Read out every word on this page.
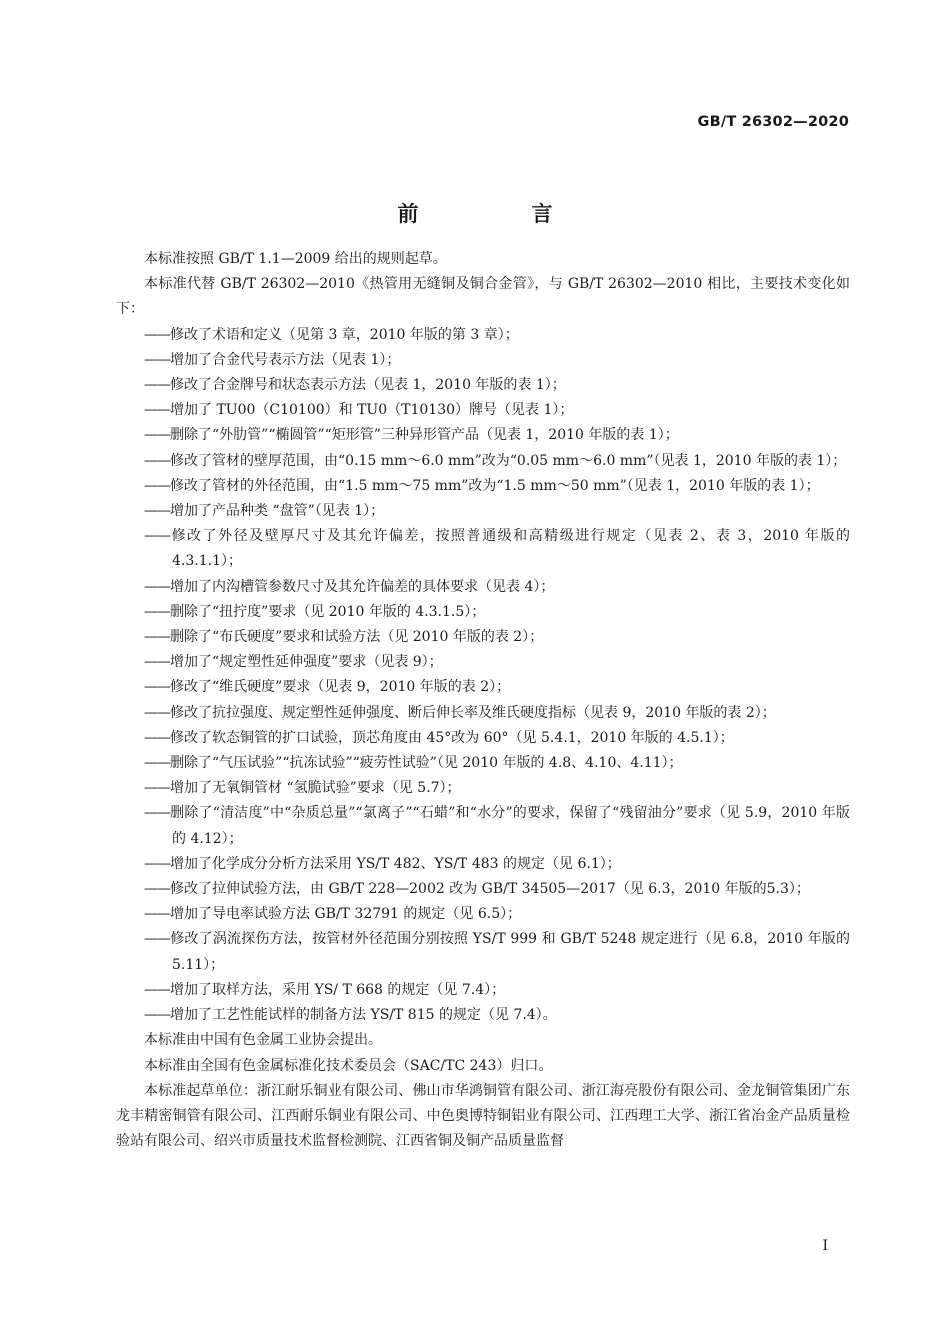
GB/T 26302—2020
前　言

本标准按照 GB/T 1.1—2009 给出的规则起草。

本标准代替 GB/T 26302—2010《热管用无缝铜及铜合金管》，与 GB/T 26302—2010 相比，主要技术变化如下：

—— 修改了术语和定义（见第 3 章，2010 年版的第 3 章）；
—— 增加了合金代号表示方法（见表 1）；
—— 修改了合金牌号和状态表示方法（见表 1，2010 年版的表 1）；
—— 增加了 TU00（C10100）和 TU0（T10130）牌号（见表 1）；
—— 删除了“外肋管”“椭圆管”“矩形管”三种异形管产品（见表 1，2010 年版的表 1）；
—— 修改了管材的壁厚范围，由“0.15 mm～6.0 mm”改为“0.05 mm～6.0 mm”（见表 1，2010 年版的表 1）；
—— 修改了管材的外径范围，由“1.5 mm～75 mm”改为“1.5 mm～50 mm”（见表 1，2010 年版的表 1）；
—— 增加了产品种类 “盘管”（见表 1）；
—— 修改了外径及壁厚尺寸及其允许偏差，按照普通级和高精级进行规定（见表 2、表 3，2010 年版的 4.3.1.1）；
—— 增加了内沟槽管参数尺寸及其允许偏差的具体要求（见表 4）；
—— 删除了“扭拧度”要求（见 2010 年版的 4.3.1.5）；
—— 删除了“布氏硬度”要求和试验方法（见 2010 年版的表 2）；
—— 增加了“规定塑性延伸强度”要求（见表 9）；
—— 修改了“维氏硬度”要求（见表 9，2010 年版的表 2）；
—— 修改了抗拉强度、规定塑性延伸强度、断后伸长率及维氏硬度指标（见表 9，2010 年版的表 2）；
—— 修改了软态铜管的扩口试验，顶芯角度由 45°改为 60°（见 5.4.1，2010 年版的 4.5.1）；
—— 删除了“气压试验”“抗冻试验”“疲劳性试验”（见 2010 年版的 4.8、4.10、4.11）；
—— 增加了无氧铜管材 “氢脆试验”要求（见 5.7）；
—— 删除了“清洁度”中“杂质总量”“氯离子”“石蜡”和“水分”的要求，保留了“残留油分”要求（见 5.9，2010 年版的 4.12）；
—— 增加了化学成分分析方法采用 YS/T 482、YS/T 483 的规定（见 6.1）；
—— 修改了拉伸试验方法，由 GB/T 228—2002 改为 GB/T 34505—2017（见 6.3，2010 年版的5.3）；
—— 增加了导电率试验方法 GB/T 32791 的规定（见 6.5）；
—— 修改了涡流探伤方法，按管材外径范围分别按照 YS/T 999 和 GB/T 5248 规定进行（见 6.8，2010 年版的 5.11）；
—— 增加了取样方法，采用 YS/ T 668 的规定（见 7.4）；
—— 增加了工艺性能试样的制备方法 YS/T 815 的规定（见 7.4）。

本标准由中国有色金属工业协会提出。

本标准由全国有色金属标准化技术委员会（SAC/TC 243）归口。

本标准起草单位：浙江耐乐铜业有限公司、佛山市华鸿铜管有限公司、浙江海亮股份有限公司、金龙铜管集团广东龙丰精密铜管有限公司、江西耐乐铜业有限公司、中色奥博特铜铝业有限公司、江西理工大学、浙江省冶金产品质量检验站有限公司、绍兴市质量技术监督检测院、江西省铜及铜产品质量监督

I
